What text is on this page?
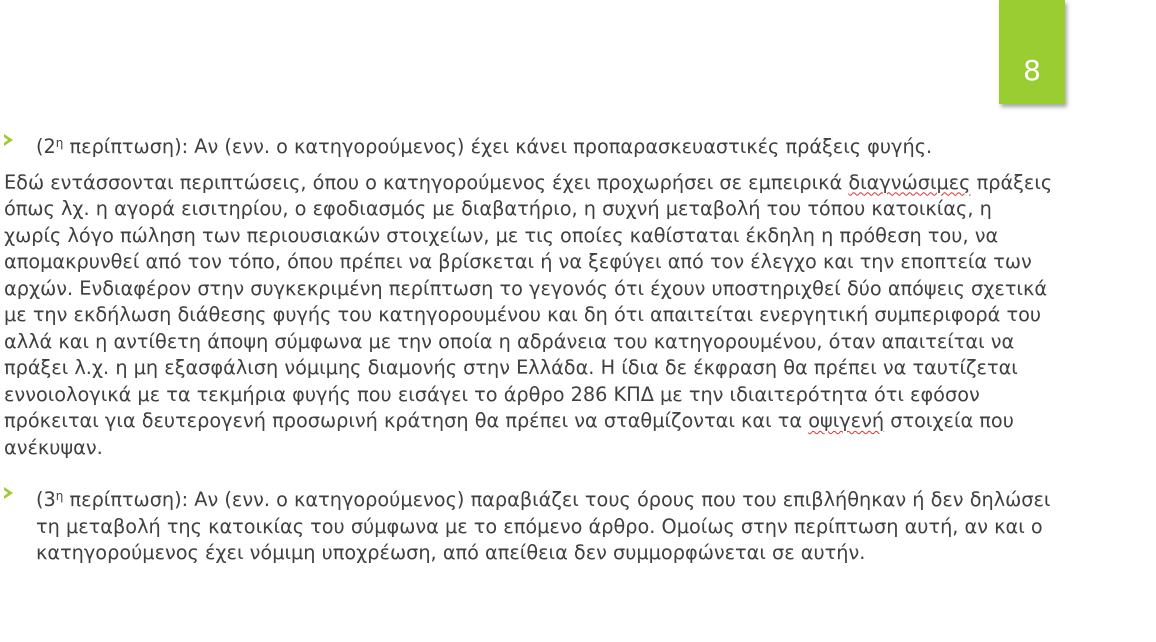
8
($2^\eta$ περίπτωση): Αν (ενν. ο κατηγορούμενος) έχει κάνει προπαρασκευαστικές πράξεις φυγής.

Εδώ εντάσσονται περιπτώσεις, όπου ο κατηγορούμενος έχει προχωρήσει σε εμπειρικά διαγνώσιμες πράξεις όπως λχ. η αγορά εισιτηρίου, ο εφοδιασμός με διαβατήριο, η συχνή μεταβολή του τόπου κατοικίας, η χωρίς λόγο πώληση των περιουσιακών στοιχείων, με τις οποίες καθίσταται έκδηλη η πρόθεση του, να απομακρυνθεί από τον τόπο, όπου πρέπει να βρίσκεται ή να ξεφύγει από τον έλεγχο και την εποπτεία των αρχών. Ενδιαφέρον στην συγκεκριμένη περίπτωση το γεγονός ότι έχουν υποστηριχθεί δύο απόψεις σχετικά με την εκδήλωση διάθεσης φυγής του κατηγορουμένου και δη ότι απαιτείται ενεργητική συμπεριφορά του αλλά και η αντίθετη άποψη σύμφωνα με την οποία η αδράνεια του κατηγορουμένου, όταν απαιτείται να πράξει λ.χ. η μη εξασφάλιση νόμιμης διαμονής στην Ελλάδα. Η ίδια δε έκφραση θα πρέπει να ταυτίζεται εννοιολογικά με τα τεκμήρια φυγής που εισάγει το άρθρο 286 ΚΠΔ με την ιδιαιτερότητα ότι εφόσον πρόκειται για δευτερογενή προσωρινή κράτηση θα πρέπει να σταθμίζονται και τα οψιγενή στοιχεία που ανέκυψαν.

($3^\eta$ περίπτωση): Αν (ενν. ο κατηγορούμενος) παραβιάζει τους όρους που του επιβλήθηκαν ή δεν δηλώσει τη μεταβολή της κατοικίας του σύμφωνα με το επόμενο άρθρο. Ομοίως στην περίπτωση αυτή, αν και ο κατηγορούμενος έχει νόμιμη υποχρέωση, από απείθεια δεν συμμορφώνεται σε αυτήν.
